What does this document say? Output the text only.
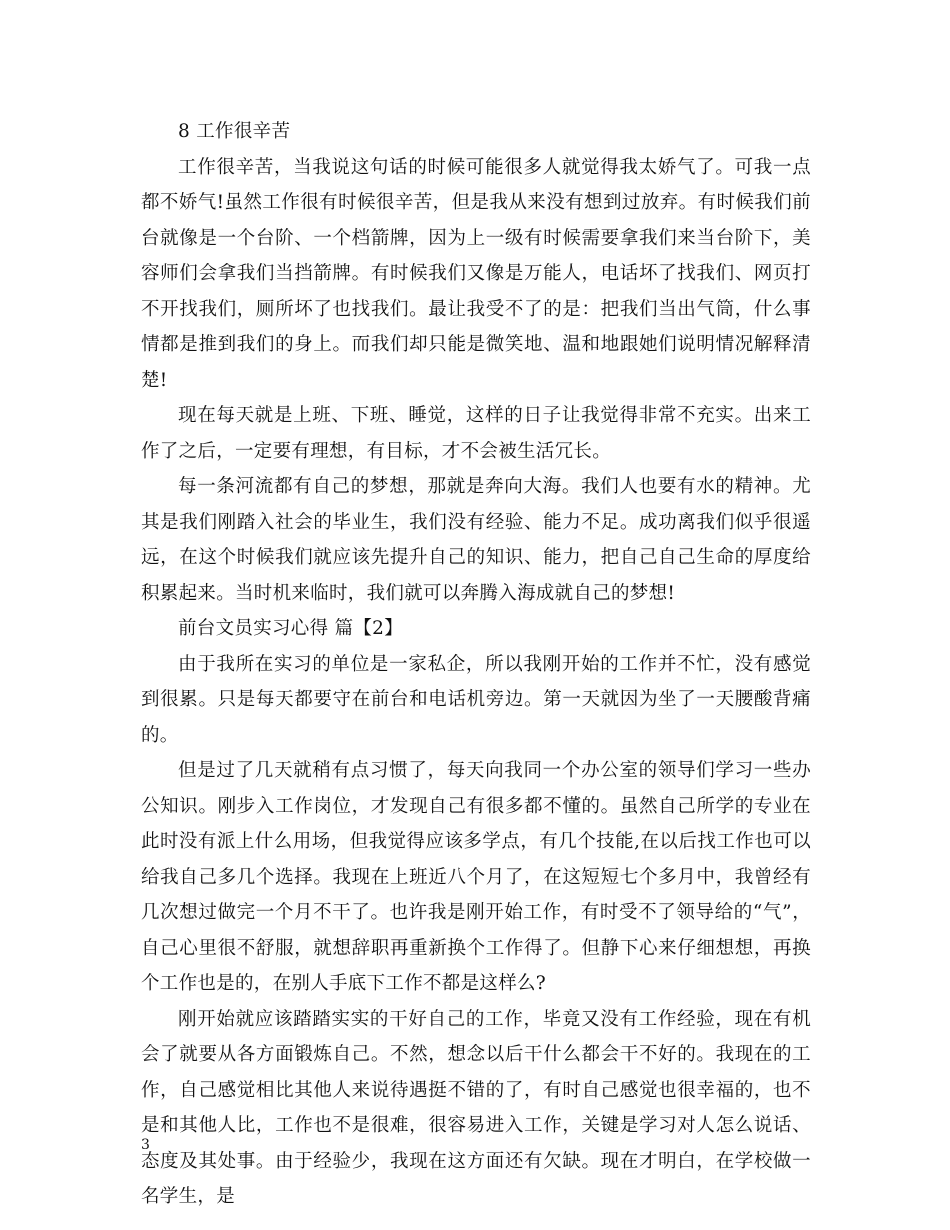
8 工作很辛苦

工作很辛苦，当我说这句话的时候可能很多人就觉得我太娇气了。可我一点都不娇气!虽然工作很有时候很辛苦，但是我从来没有想到过放弃。有时候我们前台就像是一个台阶、一个档箭牌，因为上一级有时候需要拿我们来当台阶下，美容师们会拿我们当挡箭牌。有时候我们又像是万能人，电话坏了找我们、网页打不开找我们，厕所坏了也找我们。最让我受不了的是：把我们当出气筒，什么事情都是推到我们的身上。而我们却只能是微笑地、温和地跟她们说明情况解释清楚!

现在每天就是上班、下班、睡觉，这样的日子让我觉得非常不充实。出来工作了之后，一定要有理想，有目标，才不会被生活冗长。

每一条河流都有自己的梦想，那就是奔向大海。我们人也要有水的精神。尤其是我们刚踏入社会的毕业生，我们没有经验、能力不足。成功离我们似乎很遥远，在这个时候我们就应该先提升自己的知识、能力，把自己自己生命的厚度给积累起来。当时机来临时，我们就可以奔腾入海成就自己的梦想!

前台文员实习心得 篇【2】

由于我所在实习的单位是一家私企，所以我刚开始的工作并不忙，没有感觉到很累。只是每天都要守在前台和电话机旁边。第一天就因为坐了一天腰酸背痛的。

但是过了几天就稍有点习惯了，每天向我同一个办公室的领导们学习一些办公知识。刚步入工作岗位，才发现自己有很多都不懂的。虽然自己所学的专业在此时没有派上什么用场，但我觉得应该多学点，有几个技能,在以后找工作也可以给我自己多几个选择。我现在上班近八个月了，在这短短七个多月中，我曾经有几次想过做完一个月不干了。也许我是刚开始工作，有时受不了领导给的“气”， 自己心里很不舒服，就想辞职再重新换个工作得了。但静下心来仔细想想，再换个工作也是的，在别人手底下工作不都是这样么?

刚开始就应该踏踏实实的干好自己的工作，毕竟又没有工作经验，现在有机会了就要从各方面锻炼自己。不然，想念以后干什么都会干不好的。我现在的工作，自己感觉相比其他人来说待遇挺不错的了，有时自己感觉也很幸福的，也不是和其他人比，工作也不是很难，很容易进入工作，关键是学习对人怎么说话、态度及其处事。由于经验少，我现在这方面还有欠缺。现在才明白，在学校做一名学生，是

3
